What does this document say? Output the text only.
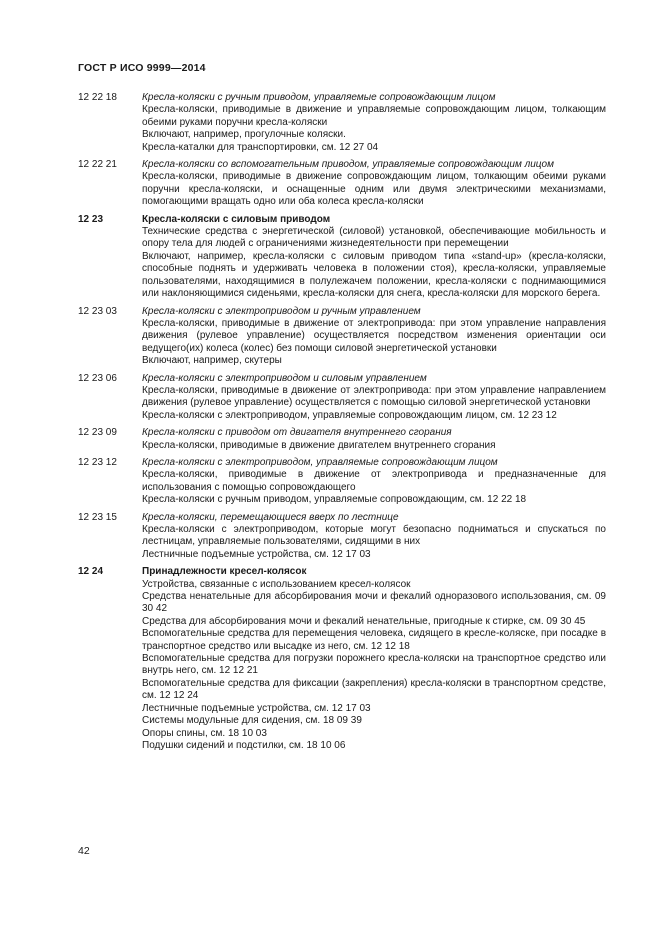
ГОСТ Р ИСО 9999—2014
12 22 18	Кресла-коляски с ручным приводом, управляемые сопровождающим лицом
Кресла-коляски, приводимые в движение и управляемые сопровождающим лицом, толкающим обеими руками поручни кресла-коляски
Включают, например, прогулочные коляски.
Кресла-каталки для транспортировки, см. 12 27 04
12 22 21	Кресла-коляски со вспомогательным приводом, управляемые сопровождающим лицом
Кресла-коляски, приводимые в движение сопровождающим лицом, толкающим обеими руками поручни кресла-коляски, и оснащенные одним или двумя электрическими механизмами, помогающими вращать одно или оба колеса кресла-коляски
12 23	Кресла-коляски с силовым приводом
Технические средства с энергетической (силовой) установкой, обеспечивающие мобильность и опору тела для людей с ограничениями жизнедеятельности при перемещении
Включают, например, кресла-коляски с силовым приводом типа «stand-up» (кресла-коляски, способные поднять и удерживать человека в положении стоя), кресла-коляски, управляемые пользователями, находящимися в полулежачем положении, кресла-коляски с поднимающимися или наклоняющимися сиденьями, кресла-коляски для снега, кресла-коляски для морского берега.
12 23 03	Кресла-коляски с электроприводом и ручным управлением
Кресла-коляски, приводимые в движение от электропривода: при этом управление направления движения (рулевое управление) осуществляется посредством изменения ориентации оси ведущего(их) колеса (колес) без помощи силовой энергетической установки
Включают, например, скутеры
12 23 06	Кресла-коляски с электроприводом и силовым управлением
Кресла-коляски, приводимые в движение от электропривода: при этом управление направлением движения (рулевое управление) осуществляется с помощью силовой энергетической установки
Кресла-коляски с электроприводом, управляемые сопровождающим лицом, см. 12 23 12
12 23 09	Кресла-коляски с приводом от двигателя внутреннего сгорания
Кресла-коляски, приводимые в движение двигателем внутреннего сгорания
12 23 12	Кресла-коляски с электроприводом, управляемые сопровождающим лицом
Кресла-коляски, приводимые в движение от электропривода и предназначенные для использования с помощью сопровождающего
Кресла-коляски с ручным приводом, управляемые сопровождающим, см. 12 22 18
12 23 15	Кресла-коляски, перемещающиеся вверх по лестнице
Кресла-коляски с электроприводом, которые могут безопасно подниматься и спускаться по лестницам, управляемые пользователями, сидящими в них
Лестничные подъемные устройства, см. 12 17 03
12 24	Принадлежности кресел-колясок
Устройства, связанные с использованием кресел-колясок
Средства ненательные для абсорбирования мочи и фекалий одноразового использования, см. 09 30 42
Средства для абсорбирования мочи и фекалий ненательные, пригодные к стирке, см. 09 30 45
Вспомогательные средства для перемещения человека, сидящего в кресле-коляске, при посадке в транспортное средство или высадке из него, см. 12 12 18
Вспомогательные средства для погрузки порожнего кресла-коляски на транспортное средство или внутрь него, см. 12 12 21
Вспомогательные средства для фиксации (закрепления) кресла-коляски в транспортном средстве, см. 12 12 24
Лестничные подъемные устройства, см. 12 17 03
Системы модульные для сидения, см. 18 09 39
Опоры спины, см. 18 10 03
Подушки сидений и подстилки, см. 18 10 06
42
